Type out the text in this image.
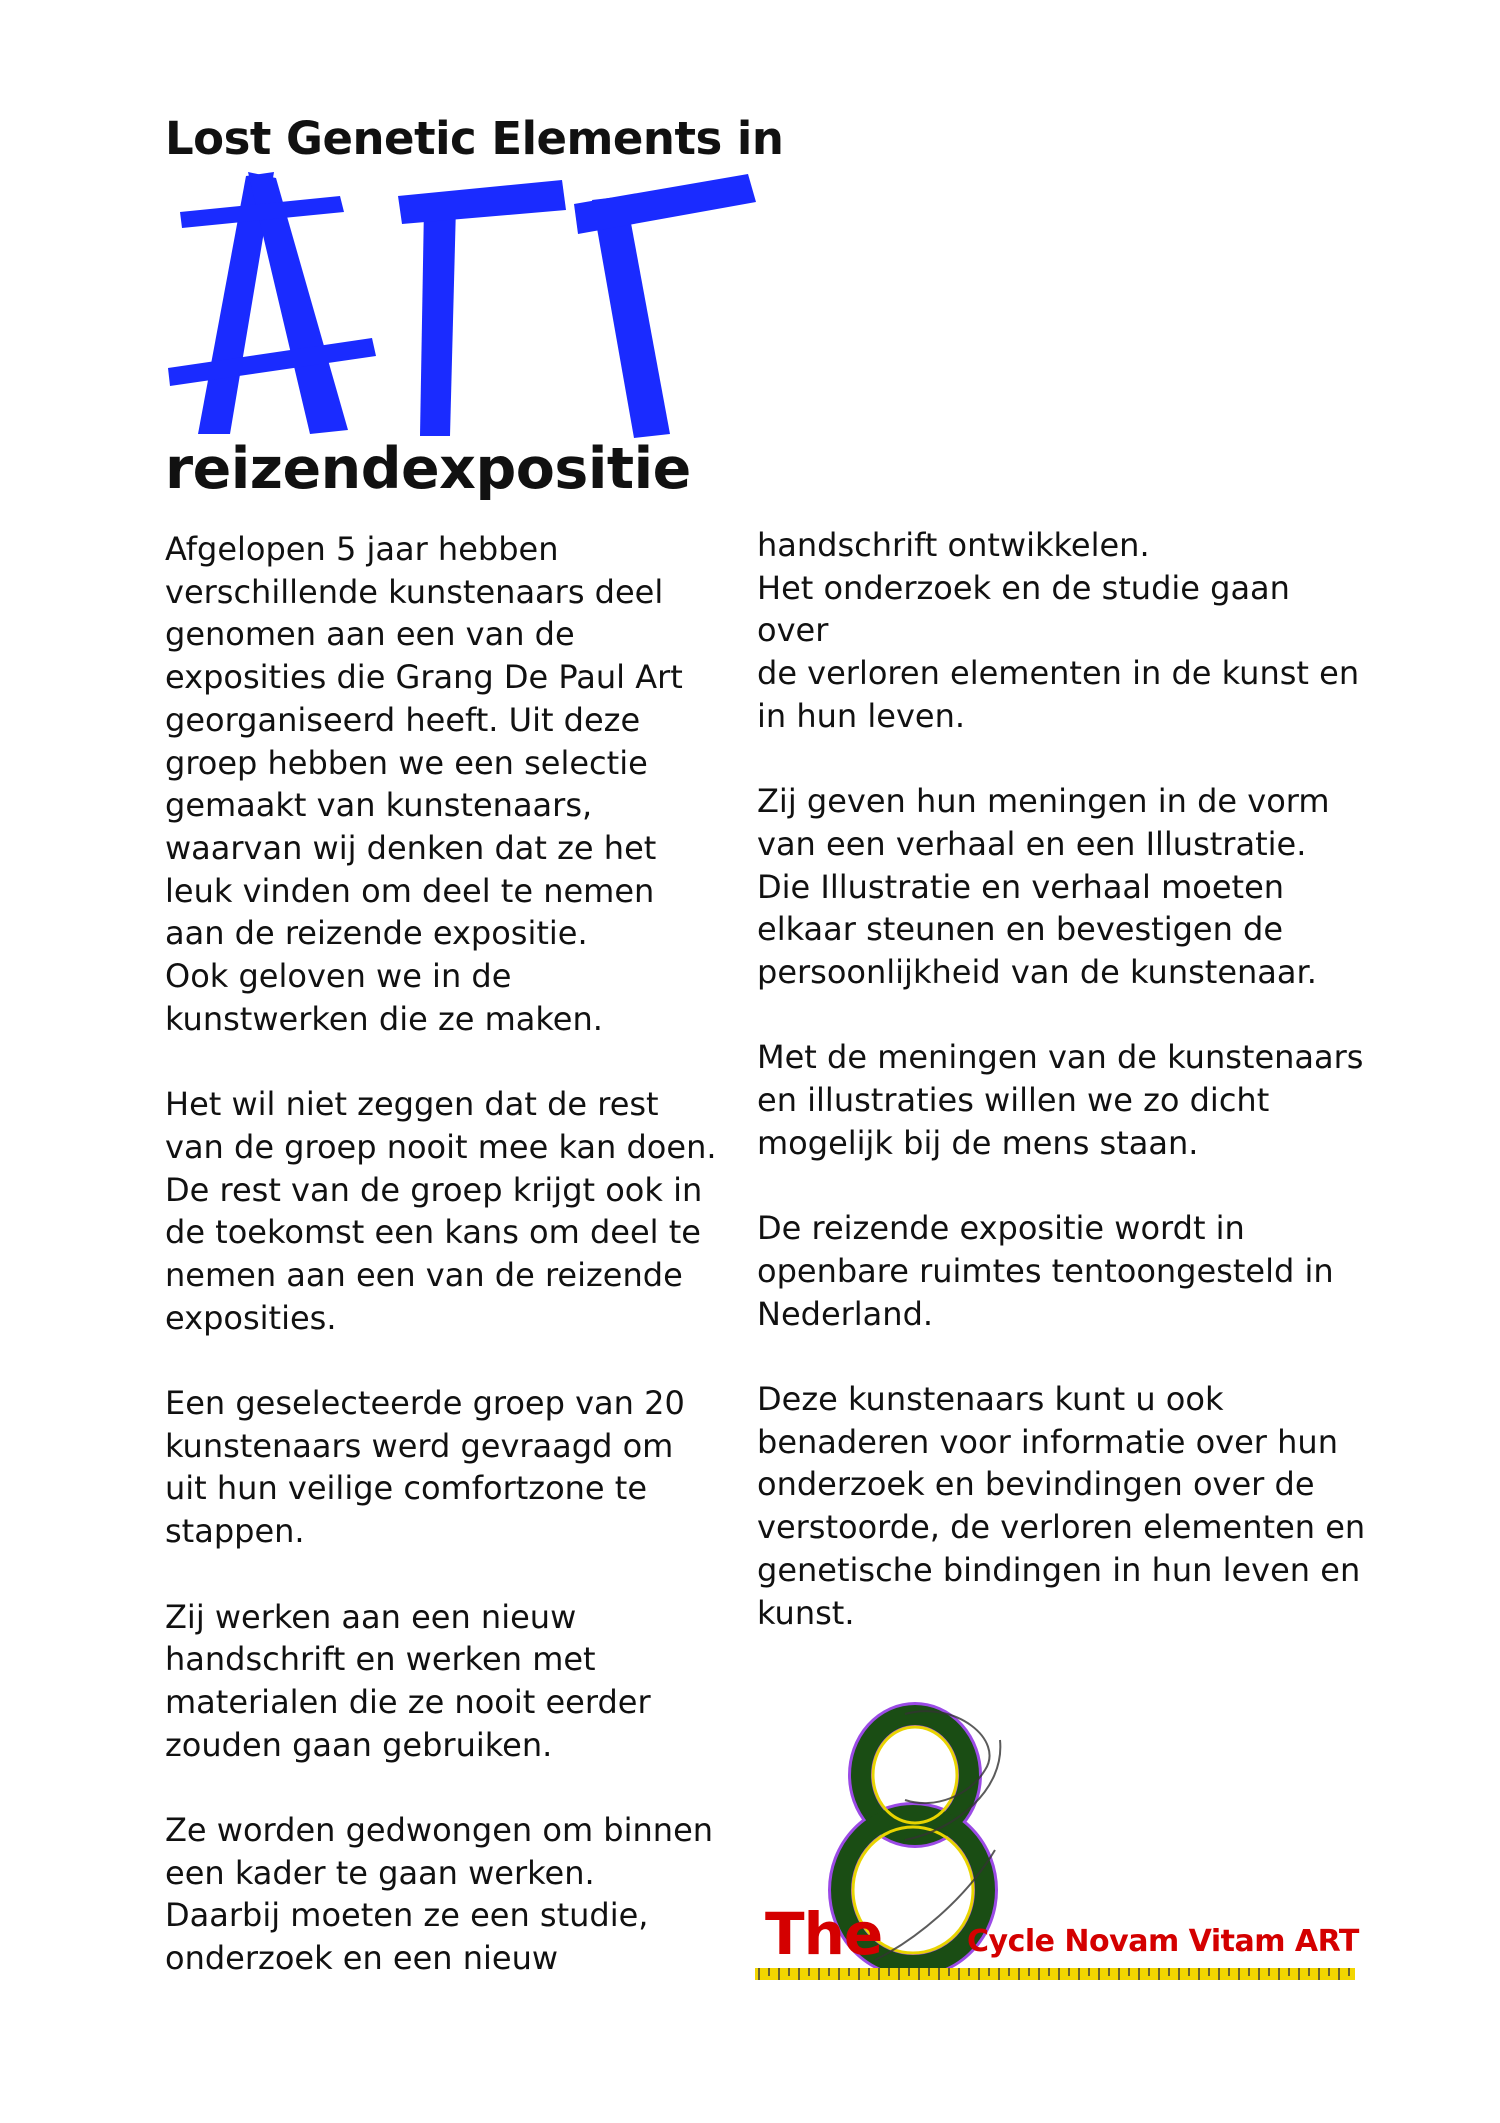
Lost Genetic Elements in
reizendexpositie

Afgelopen 5 jaar hebben
verschillende kunstenaars deel
genomen aan een van de
exposities die Grang De Paul Art
georganiseerd heeft. Uit deze
groep hebben we een selectie
gemaakt van kunstenaars,
waarvan wij denken dat ze het
leuk vinden om deel te nemen
aan de reizende expositie.
Ook geloven we in de
kunstwerken die ze maken.

Het wil niet zeggen dat de rest
van de groep nooit mee kan doen.
De rest van de groep krijgt ook in
de toekomst een kans om deel te
nemen aan een van de reizende
exposities.

Een geselecteerde groep van 20
kunstenaars werd gevraagd om
uit hun veilige comfortzone te
stappen.

Zij werken aan een nieuw
handschrift en werken met
materialen die ze nooit eerder
zouden gaan gebruiken.

Ze worden gedwongen om binnen
een kader te gaan werken.
Daarbij moeten ze een studie,
onderzoek en een nieuw

handschrift ontwikkelen.
Het onderzoek en de studie gaan over
de verloren elementen in de kunst en
in hun leven.

Zij geven hun meningen in de vorm
van een verhaal en een Illustratie.
Die Illustratie en verhaal moeten
elkaar steunen en bevestigen de
persoonlijkheid van de kunstenaar.

Met de meningen van de kunstenaars
en illustraties willen we zo dicht
mogelijk bij de mens staan.

De reizende expositie wordt in
openbare ruimtes tentoongesteld in
Nederland.

Deze kunstenaars kunt u ook
benaderen voor informatie over hun
onderzoek en bevindingen over de
verstoorde, de verloren elementen en
genetische bindingen in hun leven en
kunst.

The	Cycle Novam Vitam ART
